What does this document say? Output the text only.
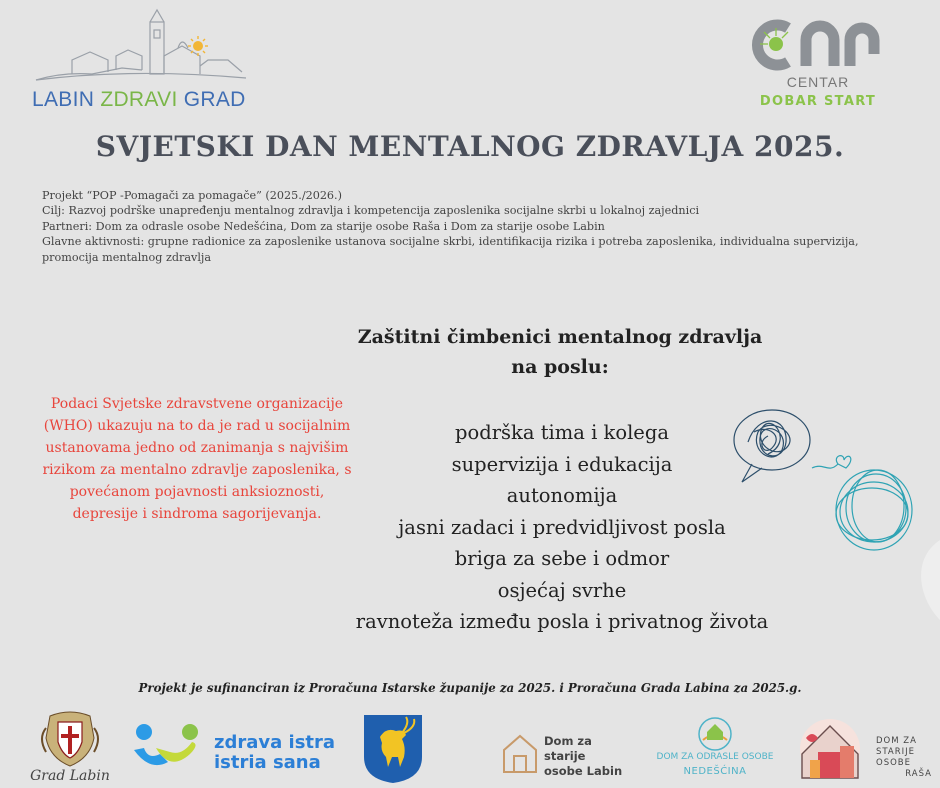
LABIN ZDRAVI GRAD
CENTAR
DOBAR START
SVJETSKI DAN MENTALNOG ZDRAVLJA 2025.
Projekt “POP -Pomagači za pomagače” (2025./2026.)
Cilj: Razvoj podrške unapređenju mentalnog zdravlja i kompetencija zaposlenika socijalne skrbi u lokalnoj zajednici
Partneri: Dom za odrasle osobe Nedešćina, Dom za starije osobe Raša i Dom za starije osobe Labin
Glavne aktivnosti: grupne radionice za zaposlenike ustanova socijalne skrbi, identifikacija rizika i potreba zaposlenika, individualna supervizija,
promocija mentalnog zdravlja
Zaštitni čimbenici mentalnog zdravlja
na poslu:

Podaci Svjetske zdravstvene organizacije (WHO) ukazuju na to da je rad u socijalnim ustanovama jedno od zanimanja s najvišim rizikom za mentalno zdravlje zaposlenika, s povećanom pojavnosti anksioznosti, depresije i sindroma sagorijevanja.

podrška tima i kolega
supervizija i edukacija
autonomija
jasni zadaci i predvidljivost posla
briga za sebe i odmor
osjećaj svrhe
ravnoteža između posla i privatnog života

Projekt je sufinanciran iz Proračuna Istarske županije za 2025. i Proračuna Grada Labina za 2025.g.

Grad Labin
zdrava istra
istria sana
Dom za starije
osobe Labin
DOM ZA ODRASLE OSOBE
NEDEŠĆINA
DOM ZA
STARIJE
OSOBE
RAŠA
